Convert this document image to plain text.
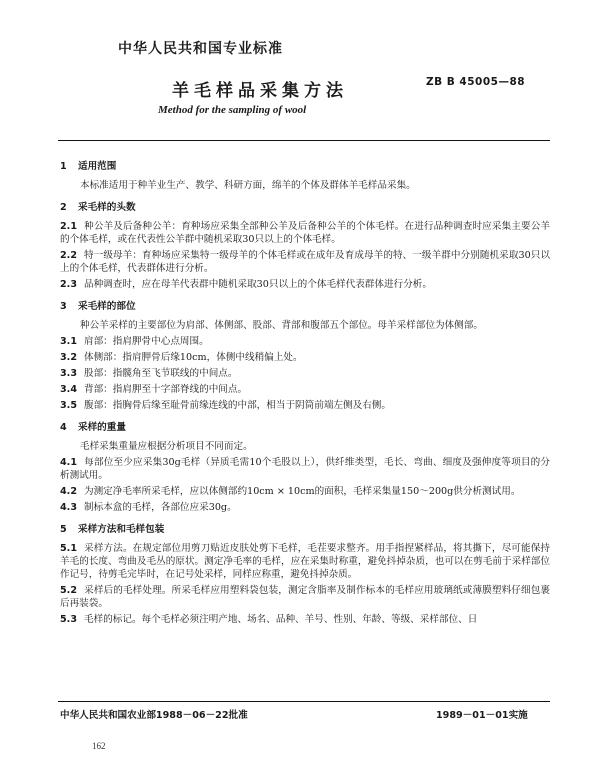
中华人民共和国专业标准
羊毛样品采集方法	ZB B 45005—88
Method for the sampling of wool
1 适用范围

本标准适用于种羊业生产、教学、科研方面，绵羊的个体及群体羊毛样品采集。

2 采毛样的头数

2.1 种公羊及后备种公羊：育种场应采集全部种公羊及后备种公羊的个体毛样。在进行品种调查时应采集主要公羊的个体毛样，或在代表性公羊群中随机采取30只以上的个体毛样。

2.2 特一级母羊：育种场应采集特一级母羊的个体毛样或在成年及育成母羊的特、一级羊群中分别随机采取30只以上的个体毛样，代表群体进行分析。

2.3 品种调查时，应在母羊代表群中随机采取30只以上的个体毛样代表群体进行分析。

3 采毛样的部位

种公羊采样的主要部位为肩部、体侧部、股部、背部和腹部五个部位。母羊采样部位为体侧部。

3.1 肩部：指肩胛骨中心点周围。

3.2 体侧部：指肩胛骨后缘10cm，体侧中线稍偏上处。

3.3 股部：指髋角至飞节联线的中间点。

3.4 背部：指肩胛至十字部脊线的中间点。

3.5 腹部：指胸骨后缘至耻骨前缘连线的中部，相当于阴筒前端左侧及右侧。

4 采样的重量

毛样采集重量应根据分析项目不同而定。

4.1 每部位至少应采集30g毛样（异质毛需10个毛股以上），供纤维类型，毛长、弯曲、细度及强伸度等项目的分析测试用。

4.2 为测定净毛率所采毛样，应以体侧部约10cm × 10cm的面积，毛样采集量150～200g供分析测试用。

4.3 制标本盒的毛样，各部位应采30g。

5 采样方法和毛样包装

5.1 采样方法。在规定部位用剪刀贴近皮肤处剪下毛样，毛茬要求整齐。用手指捏紧样品，将其撕下，尽可能保持羊毛的长度、弯曲及毛丛的原状。测定净毛率的毛样，应在采集时称重，避免抖掉杂质，也可以在剪毛前于采样部位作记号，待剪毛完毕时，在记号处采样，同样应称重，避免抖掉杂质。

5.2 采样后的毛样处理。所采毛样应用塑料袋包装，测定含脂率及制作标本的毛样应用玻璃纸或薄膜塑料仔细包裹后再装袋。

5.3 毛样的标记。每个毛样必须注明产地、场名、品种、羊号、性别、年龄、等级、采样部位、日

中华人民共和国农业部1988－06－22批准	1989－01－01实施
162
